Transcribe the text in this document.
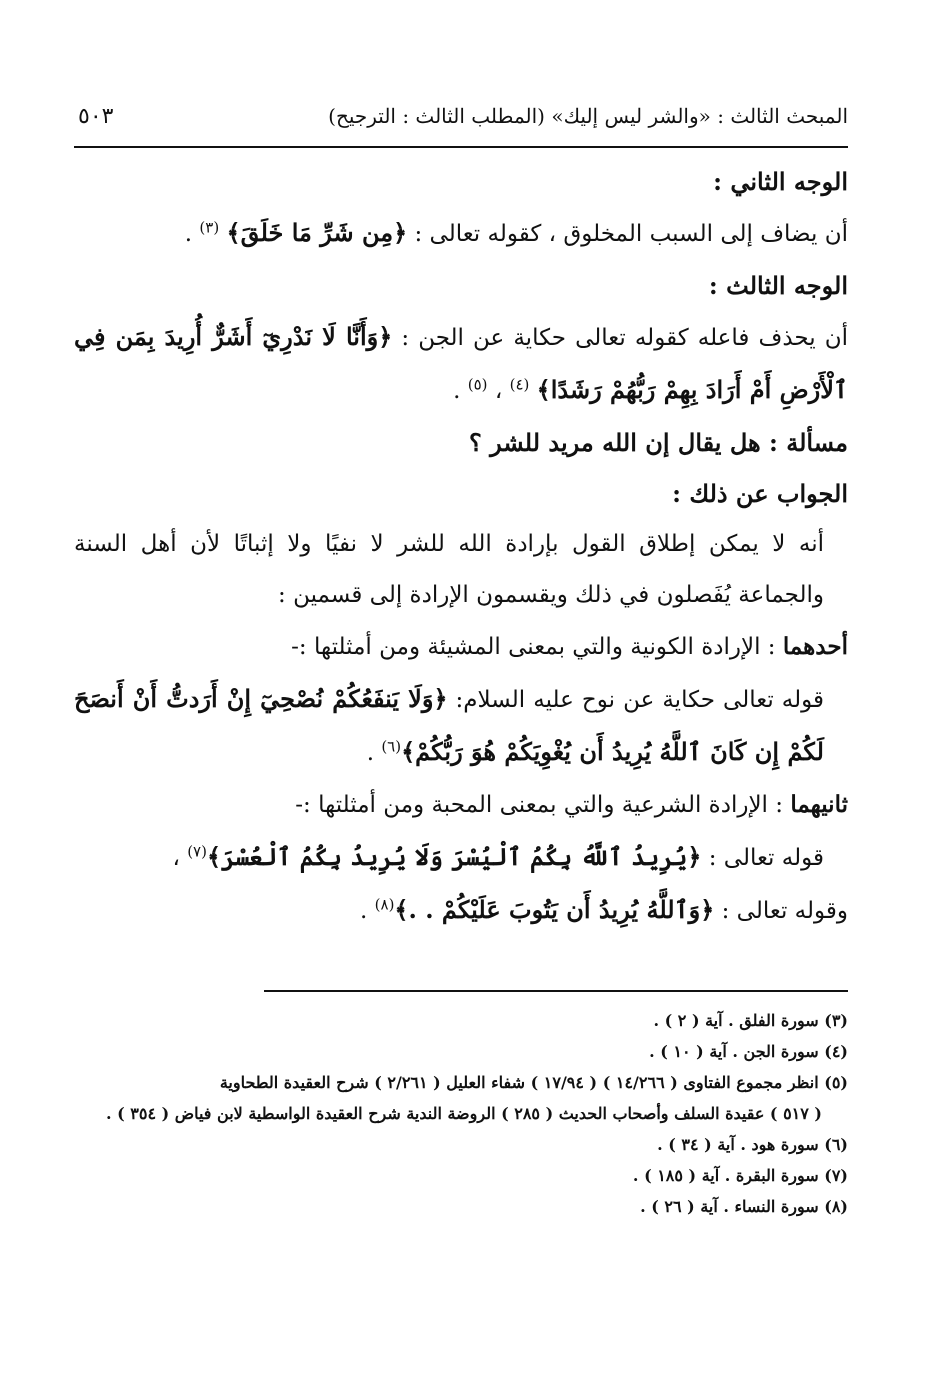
المبحث الثالث : «والشر ليس إليك» (المطلب الثالث : الترجيح)
٥٠٣

الوجه الثاني :

أن يضاف إلى السبب المخلوق ، كقوله تعالى : ﴿مِن شَرِّ مَا خَلَقَ﴾ $^{(٣)}$ .

الوجه الثالث :

أن يحذف فاعله كقوله تعالى حكاية عن الجن : ﴿وَأَنَّا لَا نَدْرِيٓ أَشَرٌّ أُرِيدَ بِمَن فِي ٱلْأَرْضِ أَمْ أَرَادَ بِهِمْ رَبُّهُمْ رَشَدًا﴾ $^{(٤)}$ ، $^{(٥)}$ .

مسألة : هل يقال إن الله مريد للشر ؟

الجواب عن ذلك :

أنه لا يمكن إطلاق القول بإرادة الله للشر لا نفيًا ولا إثباتًا لأن أهل السنة والجماعة يُفَصلون في ذلك ويقسمون الإرادة إلى قسمين :

أحدهما : الإرادة الكونية والتي بمعنى المشيئة ومن أمثلتها :-

قوله تعالى حكاية عن نوح عليه السلام: ﴿وَلَا يَنفَعُكُمْ نُصْحِيٓ إِنْ أَرَدتُّ أَنْ أَنصَحَ لَكُمْ إِن كَانَ ٱللَّهُ يُرِيدُ أَن يُغْوِيَكُمْ هُوَ رَبُّكُمْ﴾$^{(٦)}$ .

ثانيهما : الإرادة الشرعية والتي بمعنى المحبة ومن أمثلتها :-

قوله تعالى : ﴿يُرِيدُ ٱللَّهُ بِكُمُ ٱلْيُسْرَ وَلَا يُرِيدُ بِكُمُ ٱلْعُسْرَ﴾$^{(٧)}$ ،

وقوله تعالى : ﴿وَٱللَّهُ يُرِيدُ أَن يَتُوبَ عَلَيْكُمْ . .﴾$^{(٨)}$ .

(٣) سورة الفلق . آية ( ٢ ) .

(٤) سورة الجن . آية ( ١٠ ) .

(٥) انظر مجموع الفتاوى ( ١٤/٢٦٦ ) ( ١٧/٩٤ ) شفاء العليل ( ٢/٢٦١ ) شرح العقيدة الطحاوية

( ٥١٧ ) عقيدة السلف وأصحاب الحديث ( ٢٨٥ ) الروضة الندية شرح العقيدة الواسطية لابن فياض ( ٣٥٤ ) .

(٦) سورة هود . آية ( ٣٤ ) .

(٧) سورة البقرة . آية ( ١٨٥ ) .

(٨) سورة النساء . آية ( ٢٦ ) .
